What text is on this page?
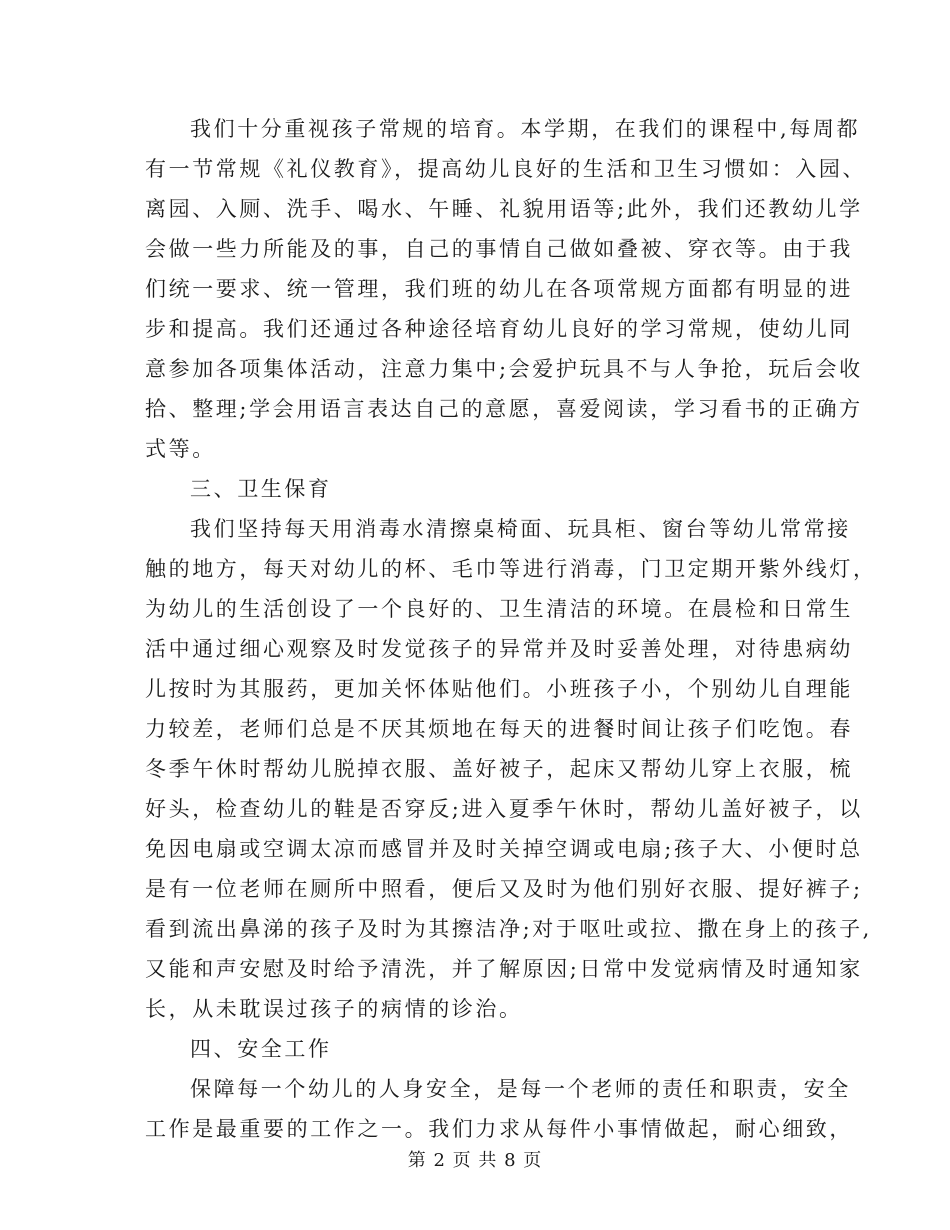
我们十分重视孩子常规的培育。本学期，在我们的课程中,每周都
有一节常规《礼仪教育》，提高幼儿良好的生活和卫生习惯如：入园、
离园、入厕、洗手、喝水、午睡、礼貌用语等;此外，我们还教幼儿学
会做一些力所能及的事，自己的事情自己做如叠被、穿衣等。由于我
们统一要求、统一管理，我们班的幼儿在各项常规方面都有明显的进
步和提高。我们还通过各种途径培育幼儿良好的学习常规，使幼儿同
意参加各项集体活动，注意力集中;会爱护玩具不与人争抢，玩后会收
拾、整理;学会用语言表达自己的意愿，喜爱阅读，学习看书的正确方
式等。
三、卫生保育
我们坚持每天用消毒水清擦桌椅面、玩具柜、窗台等幼儿常常接
触的地方，每天对幼儿的杯、毛巾等进行消毒，门卫定期开紫外线灯，
为幼儿的生活创设了一个良好的、卫生清洁的环境。在晨检和日常生
活中通过细心观察及时发觉孩子的异常并及时妥善处理，对待患病幼
儿按时为其服药，更加关怀体贴他们。小班孩子小，个别幼儿自理能
力较差，老师们总是不厌其烦地在每天的进餐时间让孩子们吃饱。春
冬季午休时帮幼儿脱掉衣服、盖好被子，起床又帮幼儿穿上衣服，梳
好头，检查幼儿的鞋是否穿反;进入夏季午休时，帮幼儿盖好被子，以
免因电扇或空调太凉而感冒并及时关掉空调或电扇;孩子大、小便时总
是有一位老师在厕所中照看，便后又及时为他们别好衣服、提好裤子;
看到流出鼻涕的孩子及时为其擦洁净;对于呕吐或拉、撒在身上的孩子,
又能和声安慰及时给予清洗，并了解原因;日常中发觉病情及时通知家
长，从未耽误过孩子的病情的诊治。
四、安全工作
保障每一个幼儿的人身安全，是每一个老师的责任和职责，安全
工作是最重要的工作之一。我们力求从每件小事情做起，耐心细致，
第 2 页 共 8 页
